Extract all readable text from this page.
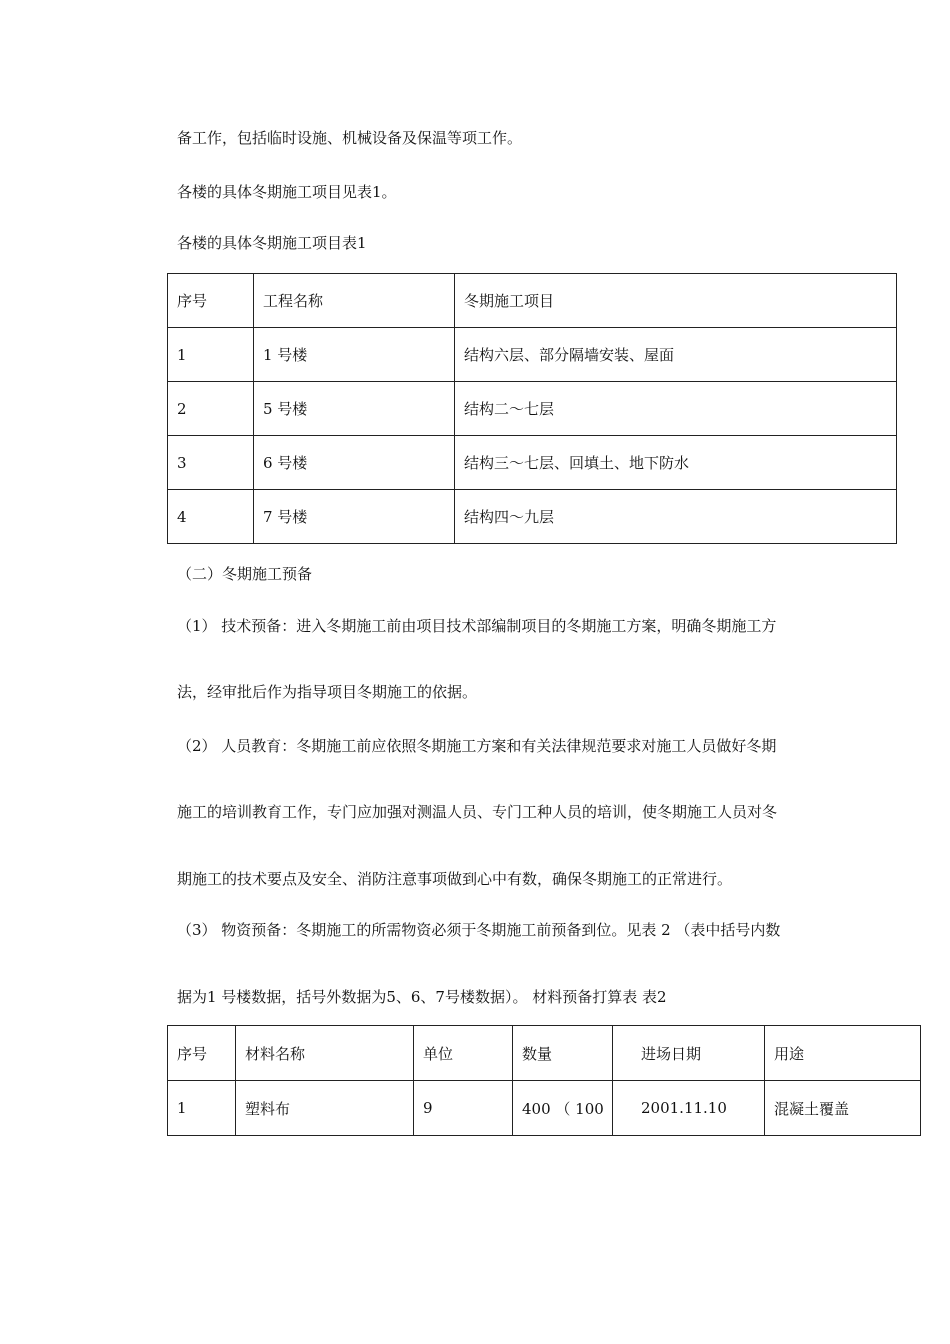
备工作，包括临时设施、机械设备及保温等项工作。
各楼的具体冬期施工项目见表1。
各楼的具体冬期施工项目表1
序号	工程名称	冬期施工项目
1	1 号楼	结构六层、部分隔墙安装、屋面
2	5 号楼	结构二～七层
3	6 号楼	结构三～七层、回填土、地下防水
4	7 号楼	结构四～九层
（二）冬期施工预备
（1） 技术预备：进入冬期施工前由项目技术部编制项目的冬期施工方案，明确冬期施工方
法，经审批后作为指导项目冬期施工的依据。
（2） 人员教育：冬期施工前应依照冬期施工方案和有关法律规范要求对施工人员做好冬期
施工的培训教育工作，专门应加强对测温人员、专门工种人员的培训，使冬期施工人员对冬
期施工的技术要点及安全、消防注意事项做到心中有数，确保冬期施工的正常进行。
（3） 物资预备：冬期施工的所需物资必须于冬期施工前预备到位。见表 2 （表中括号内数
据为1 号楼数据，括号外数据为5、6、7号楼数据）。 材料预备打算表 表2
序号	材料名称	单位	数量	进场日期	用途
1	塑料布	9	400 （ 100	2001.11.10	混凝土覆盖
